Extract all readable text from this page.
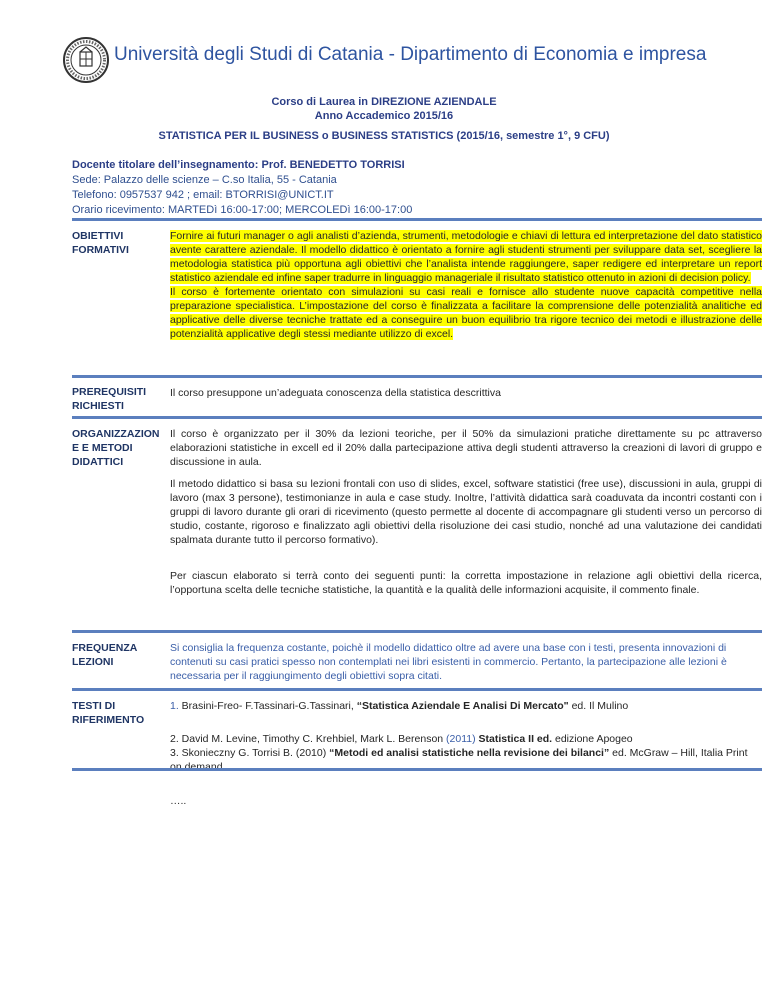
Università degli Studi di Catania - Dipartimento di Economia e impresa
Corso di Laurea in DIREZIONE AZIENDALE
Anno Accademico 2015/16
STATISTICA PER IL BUSINESS o BUSINESS STATISTICS (2015/16, semestre 1°, 9 CFU)
Docente titolare dell’insegnamento: Prof. BENEDETTO TORRISI
Sede: Palazzo delle scienze – C.so Italia, 55 - Catania
Telefono: 0957537 942 ; email: BTORRISI@UNICT.IT
Orario ricevimento: MARTEDì 16:00-17:00; MERCOLEDì 16:00-17:00
OBIETTIVI FORMATIVI

Fornire ai futuri manager o agli analisti d’azienda, strumenti, metodologie e chiavi di lettura ed interpretazione del dato statistico avente carattere aziendale. Il modello didattico è orientato a fornire agli studenti strumenti per sviluppare data set, scegliere la metodologia statistica più opportuna agli obiettivi che l’analista intende raggiungere, saper redigere ed interpretare un report statistico aziendale ed infine saper tradurre in linguaggio manageriale il risultato statistico ottenuto in azioni di decision policy.

Il corso è fortemente orientato con simulazioni su casi reali e fornisce allo studente nuove capacità competitive nella preparazione specialistica. L’impostazione del corso è finalizzata a facilitare la comprensione delle potenzialità analitiche ed applicative delle diverse tecniche trattate ed a conseguire un buon equilibrio tra rigore tecnico dei metodi e illustrazione delle potenzialità applicative degli stessi mediante utilizzo di excel.

PREREQUISITI RICHIESTI
Il corso presuppone un’adeguata conoscenza della statistica descrittiva
ORGANIZZAZION E E METODI DIDATTICI

Il corso è organizzato per il 30% da lezioni teoriche, per il 50% da simulazioni pratiche direttamente su pc attraverso elaborazioni statistiche in excell ed il 20% dalla partecipazione attiva degli studenti attraverso la creazioni di lavori di gruppo e discussione in aula.

Il metodo didattico si basa su lezioni frontali con uso di slides, excel, software statistici (free use), discussioni in aula, gruppi di lavoro (max 3 persone), testimonianze in aula e case study. Inoltre, l’attività didattica sarà coaduvata da incontri costanti con i gruppi di lavoro durante gli orari di ricevimento (questo permette al docente di accompagnare gli studenti verso un percorso di studio, costante, rigoroso e finalizzato agli obiettivi della risoluzione dei casi studio, nonché ad una valutazione dei candidati spalmata durante tutto il percorso formativo).

Per ciascun elaborato si terrà conto dei seguenti punti: la corretta impostazione in relazione agli obiettivi della ricerca, l’opportuna scelta delle tecniche statistiche, la quantità e la qualità delle informazioni acquisite, il commento finale.

FREQUENZA LEZIONI
Si consiglia la frequenza costante, poichè il modello didattico oltre ad avere una base con i testi, presenta innovazioni di contenuti su casi pratici spesso non contemplati nei libri esistenti in commercio. Pertanto, la partecipazione alle lezioni è necessaria per il raggiungimento degli obiettivi sopra citati.
TESTI DI RIFERIMENTO

1. Brasini-Freo- F.Tassinari-G.Tassinari, “Statistica Aziendale E Analisi Di Mercato" ed. Il Mulino

2. David M. Levine, Timothy C. Krehbiel, Mark L. Berenson (2011) Statistica II ed. edizione Apogeo

3. Skonieczny G. Torrisi B. (2010) “Metodi ed analisi statistiche nella revisione dei bilanci” ed. McGraw – Hill, Italia Print on demand

…..
